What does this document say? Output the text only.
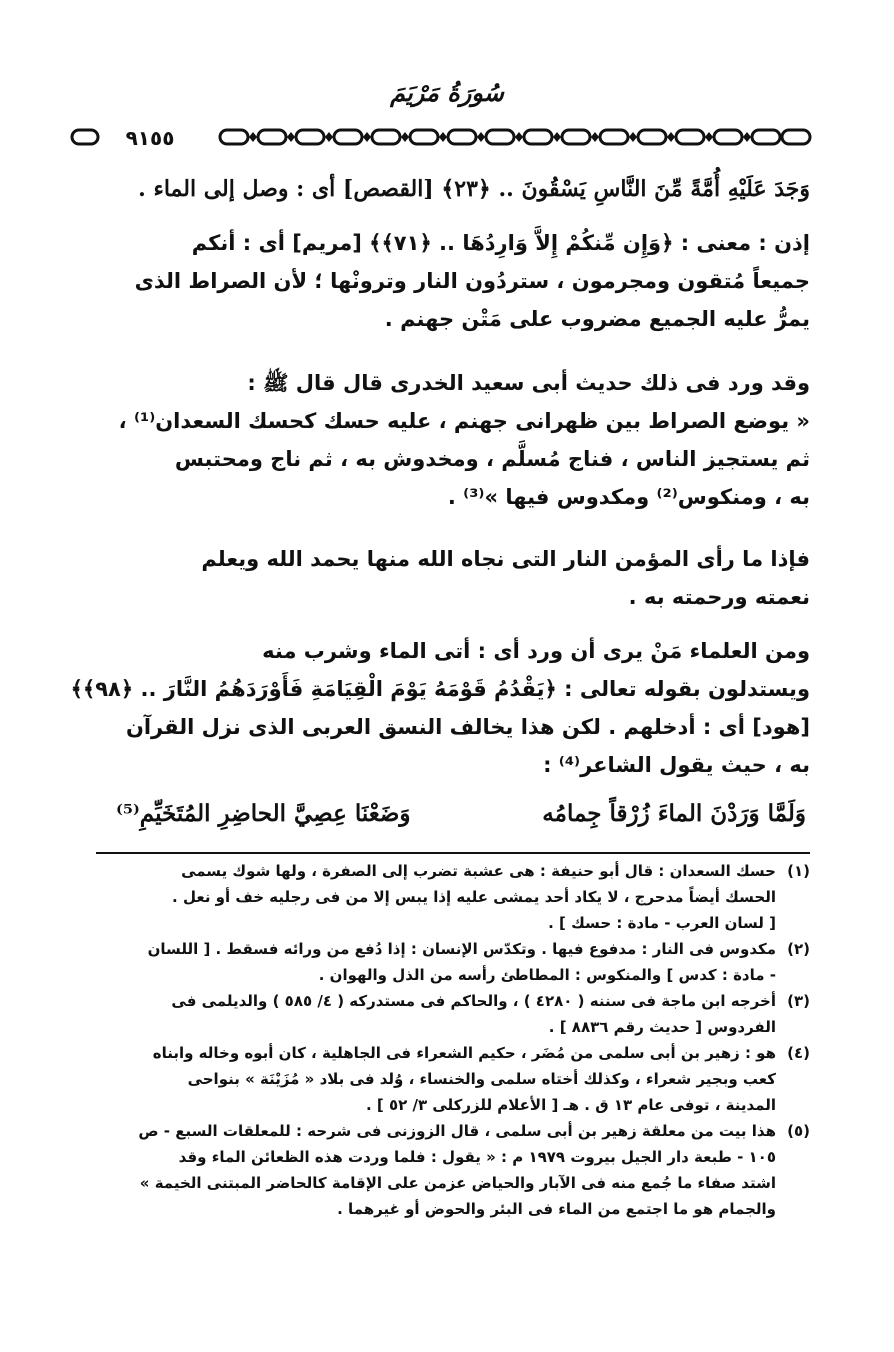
سُورَةُ مَرْيَمَ
٩١٥٥
وَجَدَ عَلَيْهِ أُمَّةً مِّنَ النَّاسِ يَسْقُونَ .. ﴿٢٣﴾ [القصص] أى : وصل إلى الماء .
إذن : معنى : ﴿وَإِن مِّنكُمْ إِلاَّ وَارِدُهَا .. ﴿٧١﴾﴾ [مريم] أى : أنكم
جميعاً مُتقون ومجرمون ، ستردُون النار وترونْها ؛ لأن الصراط الذى
يمرُّ عليه الجميع مضروب على مَتْن جهنم .
وقد ورد فى ذلك حديث أبى سعيد الخدرى قال قال ﷺ :
« يوضع الصراط بين ظهرانى جهنم ، عليه حسك كحسك السعدان⁽¹⁾ ،
ثم يستجيز الناس ، فناج مُسلَّم ، ومخدوش به ، ثم ناج ومحتبس
به ، ومنكوس⁽²⁾ ومكدوس فيها »⁽³⁾ .
فإذا ما رأى المؤمن النار التى نجاه الله منها يحمد الله ويعلم
نعمته ورحمته به .
ومن العلماء مَنْ يرى أن ورد أى : أتى الماء وشرب منه
ويستدلون بقوله تعالى : ﴿يَقْدُمُ قَوْمَهُ يَوْمَ الْقِيَامَةِ فَأَوْرَدَهُمُ النَّارَ .. ﴿٩٨﴾﴾
[هود] أى : أدخلهم . لكن هذا يخالف النسق العربى الذى نزل القرآن
به ، حيث يقول الشاعر⁽⁴⁾ :
وَلَمَّا وَرَدْنَ الماءَ زُرْقاً جِمامُه
وَضَعْنَا عِصِيَّ الحاضِرِ المُتَخَيِّمِ⁽⁵⁾
(١)حسك السعدان : قال أبو حنيفة : هى عشبة تضرب إلى الصفرة ، ولها شوك يسمى
الحسك أيضاً مدحرج ، لا يكاد أحد يمشى عليه إذا يبس إلا من فى رجليه خف أو نعل .
[ لسان العرب - مادة : حسك ] .
(٢)مكدوس فى النار : مدفوع فيها . وتكدّس الإنسان : إذا دُفع من ورائه فسقط . [ اللسان
- مادة : كدس ] والمنكوس : المطاطئ رأسه من الذل والهوان .
(٣)أخرجه ابن ماجة فى سننه ( ٤٢٨٠ ) ، والحاكم فى مستدركه ( ٤/ ٥٨٥ ) والديلمى فى
الفردوس [ حديث رقم ٨٨٣٦ ] .
(٤)هو : زهير بن أبى سلمى من مُضَر ، حكيم الشعراء فى الجاهلية ، كان أبوه وخاله وابناه
كعب وبجير شعراء ، وكذلك أختاه سلمى والخنساء ، وُلد فى بلاد « مُزَيْنَة » بنواحى
المدينة ، توفى عام ١٣ ق . هـ [ الأعلام للزركلى ٣/ ٥٢ ] .
(٥)هذا بيت من معلقة زهير بن أبى سلمى ، قال الزوزنى فى شرحه : للمعلقات السبع - ص
١٠٥ - طبعة دار الجيل بيروت ١٩٧٩ م : « يقول : فلما وردت هذه الظعائن الماء وقد
اشتد صفاء ما جُمع منه فى الآبار والحياض عزمن على الإقامة كالحاضر المبتنى الخيمة »
والجمام هو ما اجتمع من الماء فى البئر والحوض أو غيرهما .
